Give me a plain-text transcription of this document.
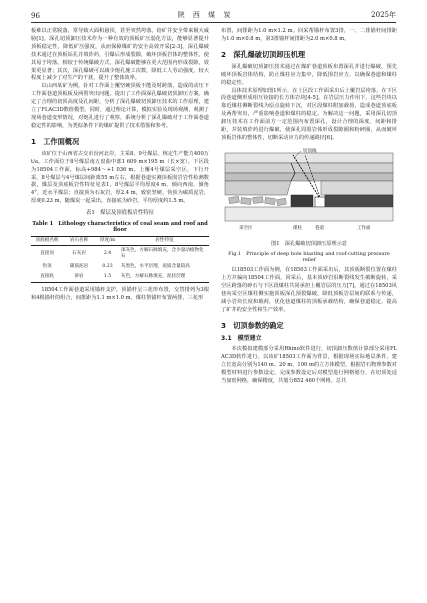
96	陕 西 煤 炭	2025年

板难以正常脱落，常导致大面积悬顶，甚至突然垮落，给矿井安全带来极大威胁[1]。深孔切顶卸压技术作为一种有效的顶板矿压弱化方法，能够显著提升顶板稳定性，降低矿压强度，从而保障煤矿的安全高效开采[2-3]。深孔爆破技术通过在顶板钻孔并填炸药，引爆后形成裂隙，破坏顶板岩体的整体性，使其易于垮落。相较于传统爆破方式，深孔爆破能够在更大范围内形成裂隙，效果更显著；其次，深孔爆破可以减少炮孔施工次数，降低工人劳动强度，较大程度上减少了对生产的干扰，提升了整体效率。

以山西某矿为例，针对工作面上覆坚硬顶板不能及时跨落，造成的动压下工作面巷道顶板板及两帮突出问题，提出了工作面深孔爆破切顶卸压方案。确定了合理的切顶高度及孔间距，分析了深孔爆破切顶卸压技术的工作原理，建立了FLAC3D数值模型。同时，通过理论计算，模拟实验及现场观测，观测了现场巷道变形情况，对炮孔进行了观察，系统分析了深孔爆破对于工作面巷道稳定性的影响，为类似条件下的煤矿提供了技术借鉴和参考。

1　工作面概况

该矿位于山西省古交市汾河北岸，主采8、9号煤层，核定生产能力400万t/a。工作面位于8号煤层南五盘曲中部1 609 m×195 m（长×宽）。下区段为18504工作面，标高+984～+1 036 m。上覆4号煤层采空区，下行开采，8号煤层与4号煤层间距离55 m左右。根据巷道实测顶板围岩岩性检测数据，煤层及顶底板岩性特征见表1。8号煤层平均厚度4 m，倾向西南，倾角4°，近水平煤层；直接顶为石灰岩，厚2.4 m，致密坚硬。伪顶为碳质泥岩，厚度0.23 m，随煤炭一起采出。直接底为砂岩，平均厚度约1.5 m。

表1　煤层及顶底板岩性特征
Table 1　Lithology characteristics of coal seam and roof and floor
顶底板名称	岩石名称	厚度/m	岩性特征
直接顶	石灰岩	2.4	深灰色，方解石脉填充，含少量动植物化石
伪顶	碳质泥岩	0.23	灰黑色，水平层理，泥质含量较高
直接底	砂岩	1.5	灰色，方解石脉填充，泥状层理

18504工作面巷道采用锚杆支护，顶锚杆呈三花形布置，交替排列为3根和4根锚杆的组合，间排距为1.1 m×1.0 m。煤柱帮锚杆布置两排，三花形

布置，间排距为1.0 m×1.2 m。回采帮锚杆布置3排，一、二排锚杆间排距为1.0 m×0.8 m，第3排锚杆间排距为2.0 m×0.8 m。

2　深孔爆破切顶卸压机理

深孔爆破切顶卸压技术通过在煤矿巷道顶板布置深孔并进行爆破，预先破坏顶板岩体结构，防止煤柱应力集中，降低围岩应力，以确保巷道和煤柱的稳定性。

具体技术原理如图1所示，在上区段工作面采出后上覆岩层垮落，在下区段巷道侧形成相互铰接的长方体岩块[4-5]。在岩层压力作用下，这些岩块以靠近煤柱侧断裂线为原点旋转下沉，对区段煤柱附加载荷，造成巷道顶底板及两帮突出，严重影响巷道和煤柱的稳定。为解决这一问题，采用深孔切顶卸压技术在工作面前方一定范围内布置深孔，设计合理的深度、间距和排距，并装填炸药进行爆破，使深孔周围岩体形成裂隙圈和粉碎圈，从而破坏顶板岩体的整体性，切断采动应力的传递路径[6]。

切顶线
采空区	煤柱	巷道	工作面
图1　深孔爆破切顶卸压原理示意
Fig.1　Principle of deep hole blasting and roof-cutting pressure relief

以18503工作面为例，在18503工作面采出后，其顶板断裂位置在煤柱上方并偏向18504工作面，回采后，基本顶砂岩沿断裂线发生破断旋转，采空区跨落的碎石与下区段煤柱共同承担上覆岩层的压力[7]。通过在18503风巷向采空区煤柱侧实施顶板深孔预裂爆破，降低顶板岩层间的联系与传递，减小岩块长度和载荷，优化巷道煤柱的顶板承载结构，确保巷道稳定，提高了矿井的安全性和生产效率。

3　切顶参数的确定
3.1　模型建立

本次模拟建模部分采用Rhino软件进行，切顶卸压数值计算部分采用FLAC3D软件进行。以该矿18503工作面为背景，根据现场实际地层条件，建立长宽高分别为140 m、20 m、100 m的立方体模型。根据岩石物理参数对模型材料进行参数设定。完成参数设定后对模型进行网格划分，在切顶处适当加密网格，确保精度，共划分852 460个网格。总共
